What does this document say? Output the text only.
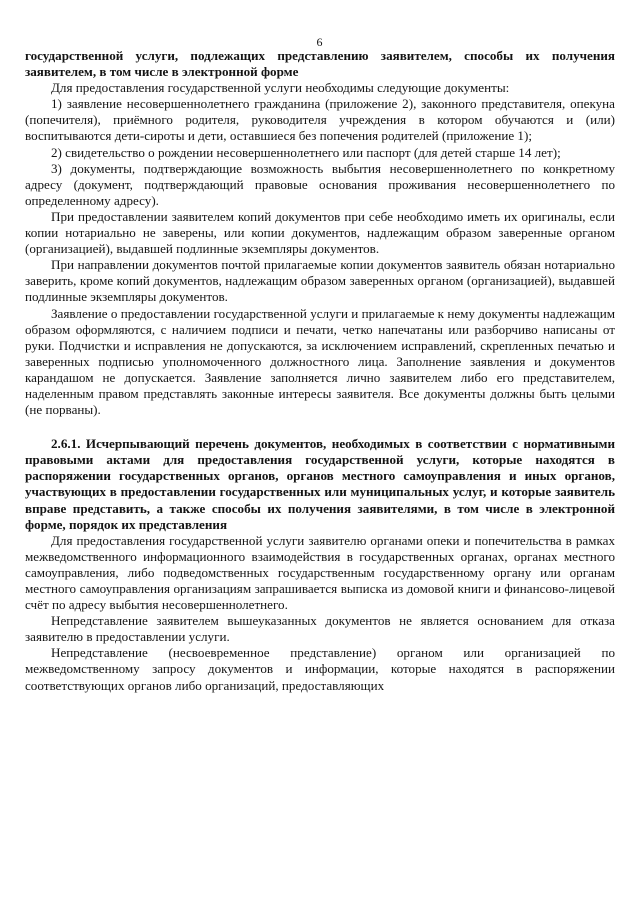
6

государственной услуги, подлежащих представлению заявителем, способы их получения заявителем, в том числе в электронной форме

Для предоставления государственной услуги необходимы следующие документы:

1) заявление несовершеннолетнего гражданина (приложение 2), законного представителя, опекуна (попечителя), приёмного родителя, руководителя учреждения в котором обучаются и (или) воспитываются дети-сироты и дети, оставшиеся без попечения родителей (приложение 1);

2) свидетельство о рождении несовершеннолетнего или паспорт (для детей старше 14 лет);

3) документы, подтверждающие возможность выбытия несовершеннолетнего по конкретному адресу (документ, подтверждающий правовые основания проживания несовершеннолетнего по определенному адресу).

При предоставлении заявителем копий документов при себе необходимо иметь их оригиналы, если копии нотариально не заверены, или копии документов, надлежащим образом заверенные органом (организацией), выдавшей подлинные экземпляры документов.

При направлении документов почтой прилагаемые копии документов заявитель обязан нотариально заверить, кроме копий документов, надлежащим образом заверенных органом (организацией), выдавшей подлинные экземпляры документов.

Заявление о предоставлении государственной услуги и прилагаемые к нему документы надлежащим образом оформляются, с наличием подписи и печати, четко напечатаны или разборчиво написаны от руки. Подчистки и исправления не допускаются, за исключением исправлений, скрепленных печатью и заверенных подписью уполномоченного должностного лица. Заполнение заявления и документов карандашом не допускается. Заявление заполняется лично заявителем либо его представителем, наделенным правом представлять законные интересы заявителя. Все документы должны быть целыми (не порваны).

2.6.1. Исчерпывающий перечень документов, необходимых в соответствии с нормативными правовыми актами для предоставления государственной услуги, которые находятся в распоряжении государственных органов, органов местного самоуправления и иных органов, участвующих в предоставлении государственных или муниципальных услуг, и которые заявитель вправе представить, а также способы их получения заявителями, в том числе в электронной форме, порядок их представления

Для предоставления государственной услуги заявителю органами опеки и попечительства в рамках межведомственного информационного взаимодействия в государственных органах, органах местного самоуправления, либо подведомственных государственным государственному органу или органам местного самоуправления организациям запрашивается выписка из домовой книги и финансово-лицевой счёт по адресу выбытия несовершеннолетнего.

Непредставление заявителем вышеуказанных документов не является основанием для отказа заявителю в предоставлении услуги.

Непредставление (несвоевременное представление) органом или организацией по межведомственному запросу документов и информации, которые находятся в распоряжении соответствующих органов либо организаций, предоставляющих
